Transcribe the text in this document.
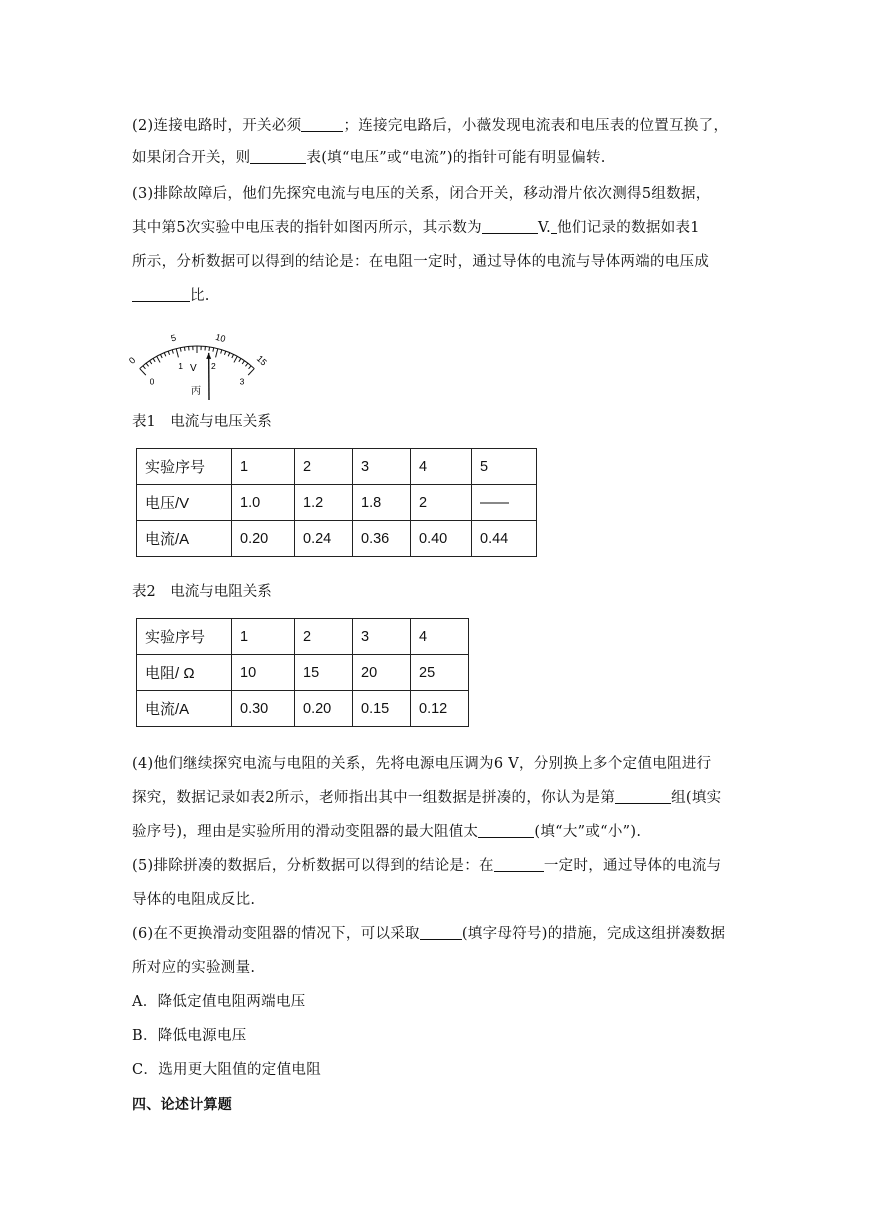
(2)连接电路时，开关必须	；连接完电路后，小薇发现电流表和电压表的位置互换了，
如果闭合开关，则	表(填“电压”或“电流”)的指针可能有明显偏转.
(3)排除故障后，他们先探究电流与电压的关系，闭合开关，移动滑片依次测得5组数据，
其中第5次实验中电压表的指针如图丙所示，其示数为	V. 他们记录的数据如表1
所示，分析数据可以得到的结论是：在电阻一定时，通过导体的电流与导体两端的电压成
比.
0
5	10
15
0
1	2
3
V
丙
表1　电流与电压关系
实验序号	1	2	3	4	5
电压/V	1.0	1.2	1.8	2	——
电流/A	0.20	0.24	0.36	0.40	0.44
表2　电流与电阻关系
实验序号	1	2	3	4
电阻/ Ω	10	15	20	25
电流/A	0.30	0.20	0.15	0.12
(4)他们继续探究电流与电阻的关系，先将电源电压调为6 V，分别换上多个定值电阻进行
探究，数据记录如表2所示，老师指出其中一组数据是拼凑的，你认为是第	组(填实
验序号)，理由是实验所用的滑动变阻器的最大阻值太	(填“大”或“小”).
(5)排除拼凑的数据后，分析数据可以得到的结论是：在	一定时，通过导体的电流与
导体的电阻成反比.
(6)在不更换滑动变阻器的情况下，可以采取	(填字母符号)的措施，完成这组拼凑数据
所对应的实验测量.
A．降低定值电阻两端电压
B．降低电源电压
C．选用更大阻值的定值电阻
四、论述计算题
